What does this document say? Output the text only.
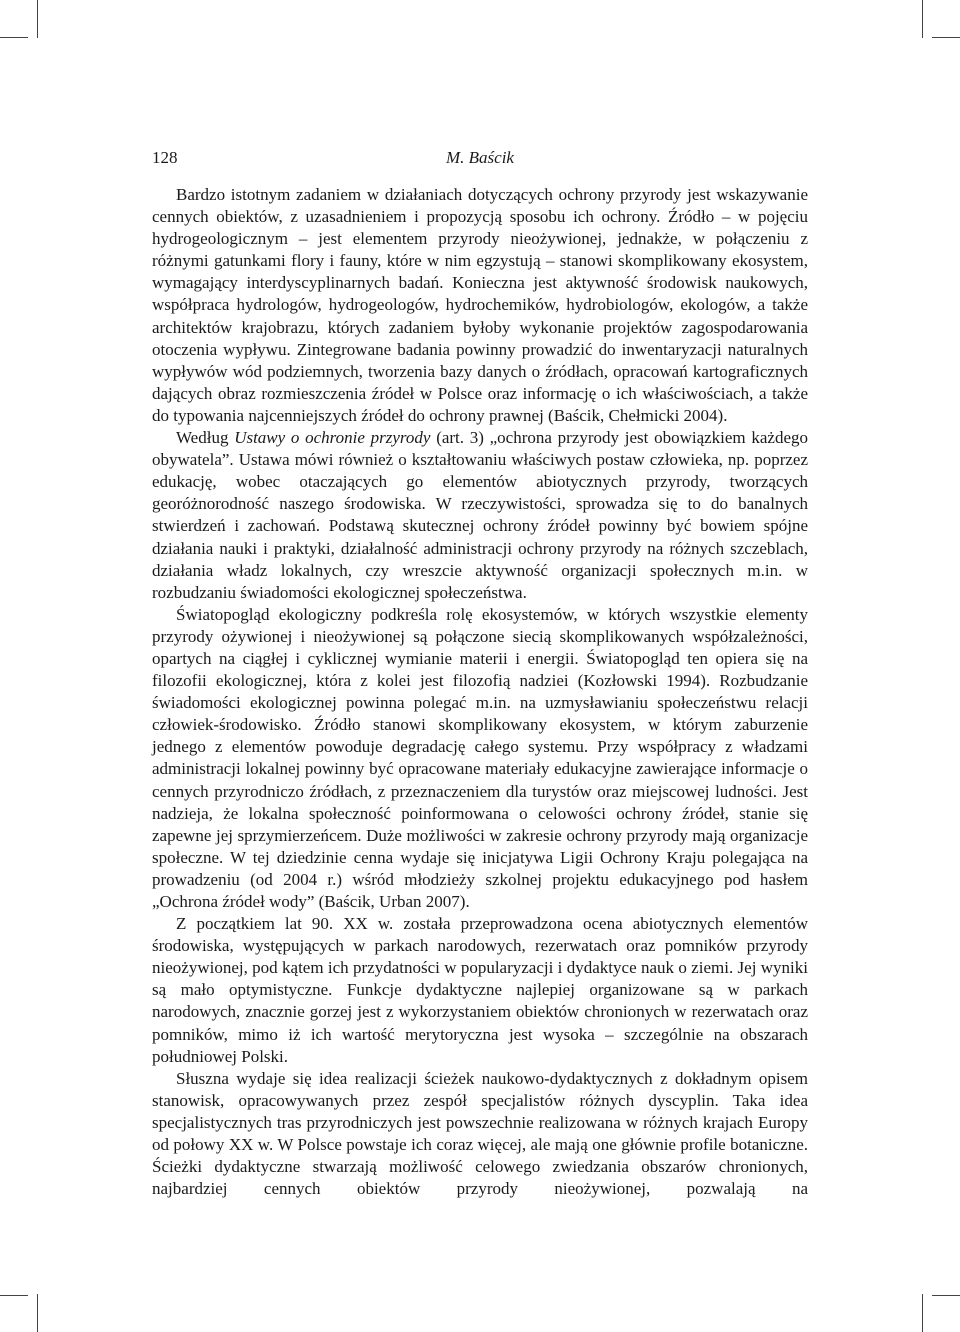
128	M. Baścik

Bardzo istotnym zadaniem w działaniach dotyczących ochrony przyrody jest wskazywanie cennych obiektów, z uzasadnieniem i propozycją sposobu ich ochrony. Źródło – w pojęciu hydrogeologicznym – jest elementem przyrody nieożywionej, jednakże, w połączeniu z różnymi gatunkami flory i fauny, które w nim egzystują – stanowi skomplikowany ekosystem, wymagający interdyscyplinarnych badań. Konieczna jest aktywność środowisk naukowych, współpraca hydrologów, hydrogeologów, hydrochemików, hydrobiologów, ekologów, a także architektów krajobrazu, których zadaniem byłoby wykonanie projektów zagospodarowania otoczenia wypływu. Zintegrowane badania powinny prowadzić do inwentaryzacji naturalnych wypływów wód podziemnych, tworzenia bazy danych o źródłach, opracowań kartograficznych dających obraz rozmieszczenia źródeł w Polsce oraz informację o ich właściwościach, a także do typowania najcenniejszych źródeł do ochrony prawnej (Baścik, Chełmicki 2004).

Według Ustawy o ochronie przyrody (art. 3) „ochrona przyrody jest obowiązkiem każdego obywatela”. Ustawa mówi również o kształtowaniu właściwych postaw człowieka, np. poprzez edukację, wobec otaczających go elementów abiotycznych przyrody, tworzących georóżnorodność naszego środowiska. W rzeczywistości, sprowadza się to do banalnych stwierdzeń i zachowań. Podstawą skutecznej ochrony źródeł powinny być bowiem spójne działania nauki i praktyki, działalność administracji ochrony przyrody na różnych szczeblach, działania władz lokalnych, czy wreszcie aktywność organizacji społecznych m.in. w rozbudzaniu świadomości ekologicznej społeczeństwa.

Światopogląd ekologiczny podkreśla rolę ekosystemów, w których wszystkie elementy przyrody ożywionej i nieożywionej są połączone siecią skomplikowanych współzależności, opartych na ciągłej i cyklicznej wymianie materii i energii. Światopogląd ten opiera się na filozofii ekologicznej, która z kolei jest filozofią nadziei (Kozłowski 1994). Rozbudzanie świadomości ekologicznej powinna polegać m.in. na uzmysławianiu społeczeństwu relacji człowiek-środowisko. Źródło stanowi skomplikowany ekosystem, w którym zaburzenie jednego z elementów powoduje degradację całego systemu. Przy współpracy z władzami administracji lokalnej powinny być opracowane materiały edukacyjne zawierające informacje o cennych przyrodniczo źródłach, z przeznaczeniem dla turystów oraz miejscowej ludności. Jest nadzieja, że lokalna społeczność poinformowana o celowości ochrony źródeł, stanie się zapewne jej sprzymierzeńcem. Duże możliwości w zakresie ochrony przyrody mają organizacje społeczne. W tej dziedzinie cenna wydaje się inicjatywa Ligii Ochrony Kraju polegająca na prowadzeniu (od 2004 r.) wśród młodzieży szkolnej projektu edukacyjnego pod hasłem „Ochrona źródeł wody” (Baścik, Urban 2007).

Z początkiem lat 90. XX w. została przeprowadzona ocena abiotycznych elementów środowiska, występujących w parkach narodowych, rezerwatach oraz pomników przyrody nieożywionej, pod kątem ich przydatności w popularyzacji i dydaktyce nauk o ziemi. Jej wyniki są mało optymistyczne. Funkcje dydaktyczne najlepiej organizowane są w parkach narodowych, znacznie gorzej jest z wykorzystaniem obiektów chronionych w rezerwatach oraz pomników, mimo iż ich wartość merytoryczna jest wysoka – szczególnie na obszarach południowej Polski.

Słuszna wydaje się idea realizacji ścieżek naukowo-dydaktycznych z dokładnym opisem stanowisk, opracowywanych przez zespół specjalistów różnych dyscyplin. Taka idea specjalistycznych tras przyrodniczych jest powszechnie realizowana w różnych krajach Europy od połowy XX w. W Polsce powstaje ich coraz więcej, ale mają one głównie profile botaniczne. Ścieżki dydaktyczne stwarzają możliwość celowego zwiedzania obszarów chronionych, najbardziej cennych obiektów przyrody nieożywionej, pozwalają na
